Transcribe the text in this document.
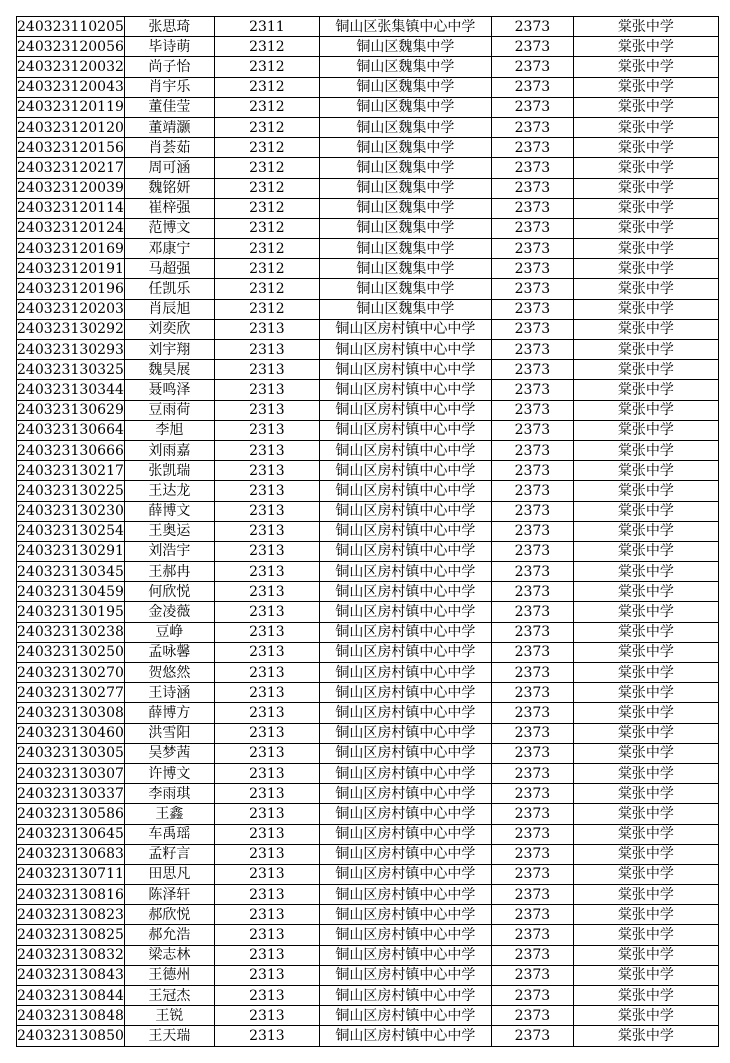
240323110205	张思琦	2311	铜山区张集镇中心中学	2373	棠张中学
240323120056	毕诗萌	2312	铜山区魏集中学	2373	棠张中学
240323120032	尚子怡	2312	铜山区魏集中学	2373	棠张中学
240323120043	肖宇乐	2312	铜山区魏集中学	2373	棠张中学
240323120119	董佳莹	2312	铜山区魏集中学	2373	棠张中学
240323120120	董靖灏	2312	铜山区魏集中学	2373	棠张中学
240323120156	肖荟茹	2312	铜山区魏集中学	2373	棠张中学
240323120217	周可涵	2312	铜山区魏集中学	2373	棠张中学
240323120039	魏铭妍	2312	铜山区魏集中学	2373	棠张中学
240323120114	崔梓强	2312	铜山区魏集中学	2373	棠张中学
240323120124	范博文	2312	铜山区魏集中学	2373	棠张中学
240323120169	邓康宁	2312	铜山区魏集中学	2373	棠张中学
240323120191	马超强	2312	铜山区魏集中学	2373	棠张中学
240323120196	任凯乐	2312	铜山区魏集中学	2373	棠张中学
240323120203	肖辰旭	2312	铜山区魏集中学	2373	棠张中学
240323130292	刘奕欣	2313	铜山区房村镇中心中学	2373	棠张中学
240323130293	刘宇翔	2313	铜山区房村镇中心中学	2373	棠张中学
240323130325	魏昊展	2313	铜山区房村镇中心中学	2373	棠张中学
240323130344	聂鸣泽	2313	铜山区房村镇中心中学	2373	棠张中学
240323130629	豆雨荷	2313	铜山区房村镇中心中学	2373	棠张中学
240323130664	李旭	2313	铜山区房村镇中心中学	2373	棠张中学
240323130666	刘雨嘉	2313	铜山区房村镇中心中学	2373	棠张中学
240323130217	张凯瑞	2313	铜山区房村镇中心中学	2373	棠张中学
240323130225	王达龙	2313	铜山区房村镇中心中学	2373	棠张中学
240323130230	薛博文	2313	铜山区房村镇中心中学	2373	棠张中学
240323130254	王奥运	2313	铜山区房村镇中心中学	2373	棠张中学
240323130291	刘浩宇	2313	铜山区房村镇中心中学	2373	棠张中学
240323130345	王郝冉	2313	铜山区房村镇中心中学	2373	棠张中学
240323130459	何欣悦	2313	铜山区房村镇中心中学	2373	棠张中学
240323130195	金凌薇	2313	铜山区房村镇中心中学	2373	棠张中学
240323130238	豆峥	2313	铜山区房村镇中心中学	2373	棠张中学
240323130250	孟咏馨	2313	铜山区房村镇中心中学	2373	棠张中学
240323130270	贺悠然	2313	铜山区房村镇中心中学	2373	棠张中学
240323130277	王诗涵	2313	铜山区房村镇中心中学	2373	棠张中学
240323130308	薛博方	2313	铜山区房村镇中心中学	2373	棠张中学
240323130460	洪雪阳	2313	铜山区房村镇中心中学	2373	棠张中学
240323130305	吴梦茜	2313	铜山区房村镇中心中学	2373	棠张中学
240323130307	许博文	2313	铜山区房村镇中心中学	2373	棠张中学
240323130337	李雨琪	2313	铜山区房村镇中心中学	2373	棠张中学
240323130586	王鑫	2313	铜山区房村镇中心中学	2373	棠张中学
240323130645	车禹瑶	2313	铜山区房村镇中心中学	2373	棠张中学
240323130683	孟籽言	2313	铜山区房村镇中心中学	2373	棠张中学
240323130711	田思凡	2313	铜山区房村镇中心中学	2373	棠张中学
240323130816	陈泽轩	2313	铜山区房村镇中心中学	2373	棠张中学
240323130823	郝欣悦	2313	铜山区房村镇中心中学	2373	棠张中学
240323130825	郝允浩	2313	铜山区房村镇中心中学	2373	棠张中学
240323130832	梁志林	2313	铜山区房村镇中心中学	2373	棠张中学
240323130843	王德州	2313	铜山区房村镇中心中学	2373	棠张中学
240323130844	王冠杰	2313	铜山区房村镇中心中学	2373	棠张中学
240323130848	王锐	2313	铜山区房村镇中心中学	2373	棠张中学
240323130850	王天瑞	2313	铜山区房村镇中心中学	2373	棠张中学
